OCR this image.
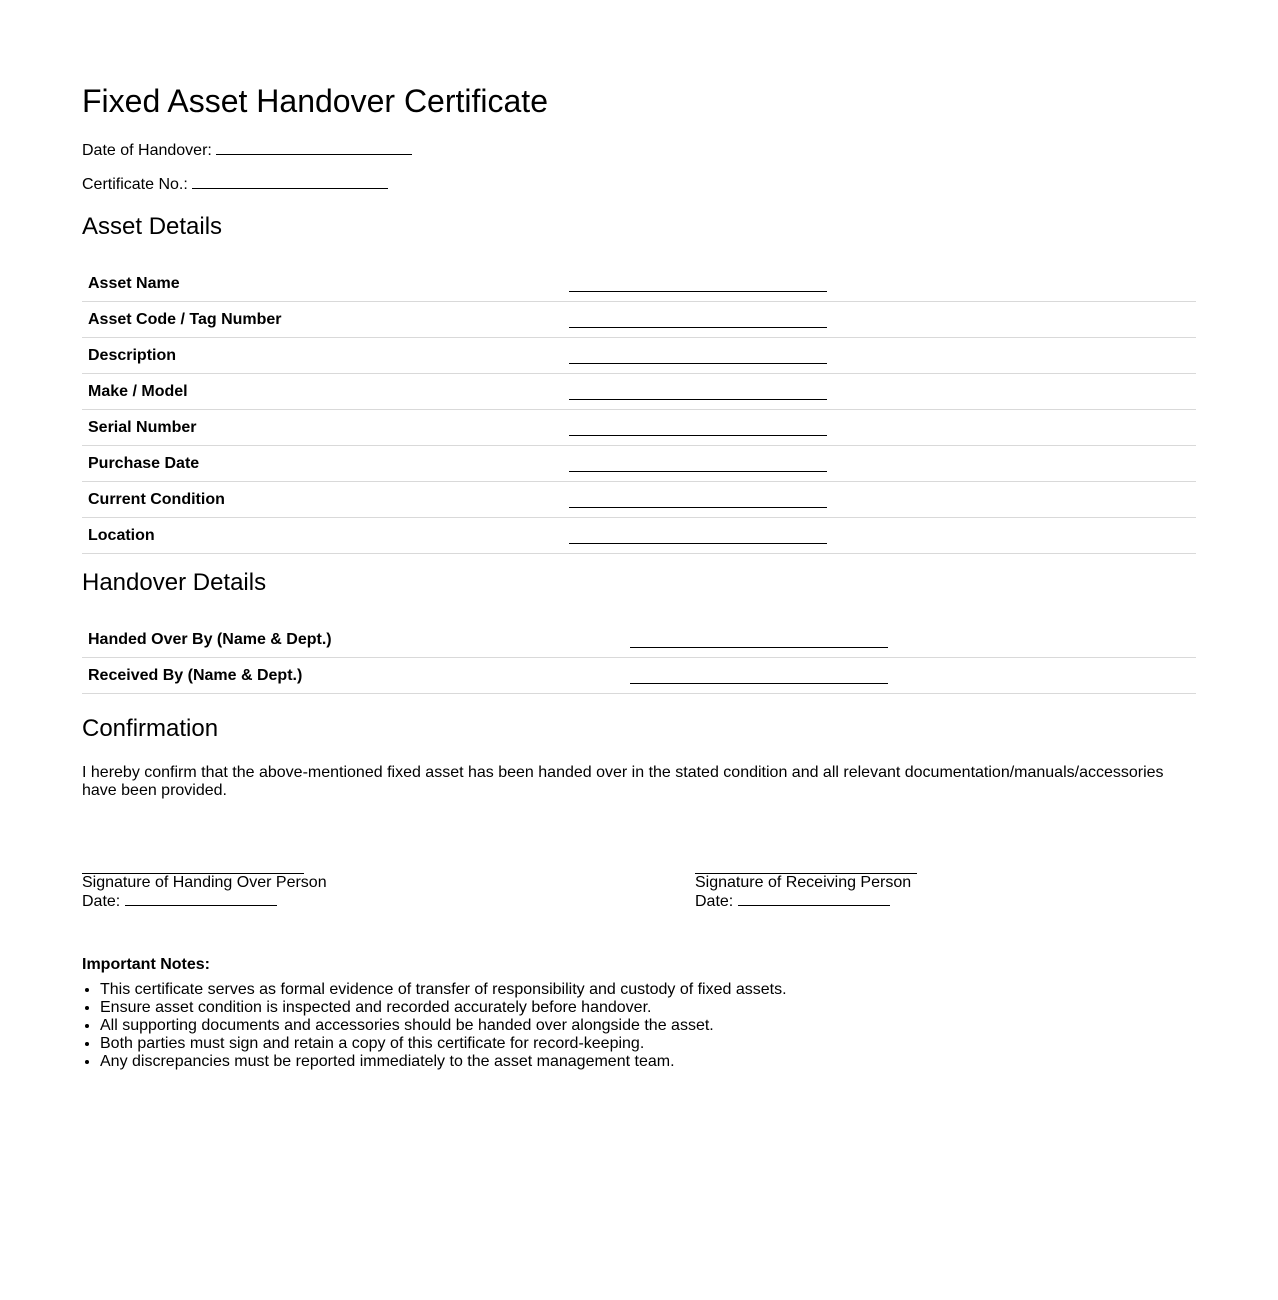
Fixed Asset Handover Certificate
Date of Handover:
Certificate No.:
Asset Details
Asset Name	

Asset Code / Tag Number	

Description	

Make / Model	

Serial Number	

Purchase Date	

Current Condition	

Location	
Handover Details
Handed Over By (Name & Dept.)	

Received By (Name & Dept.)	
Confirmation
I hereby confirm that the above-mentioned fixed asset has been handed over in the stated condition and all relevant documentation/manuals/accessories have been provided.
Signature of Handing Over Person
Date:
Signature of Receiving Person
Date:
Important Notes:
• This certificate serves as formal evidence of transfer of responsibility and custody of fixed assets.
• Ensure asset condition is inspected and recorded accurately before handover.
• All supporting documents and accessories should be handed over alongside the asset.
• Both parties must sign and retain a copy of this certificate for record-keeping.
• Any discrepancies must be reported immediately to the asset management team.
